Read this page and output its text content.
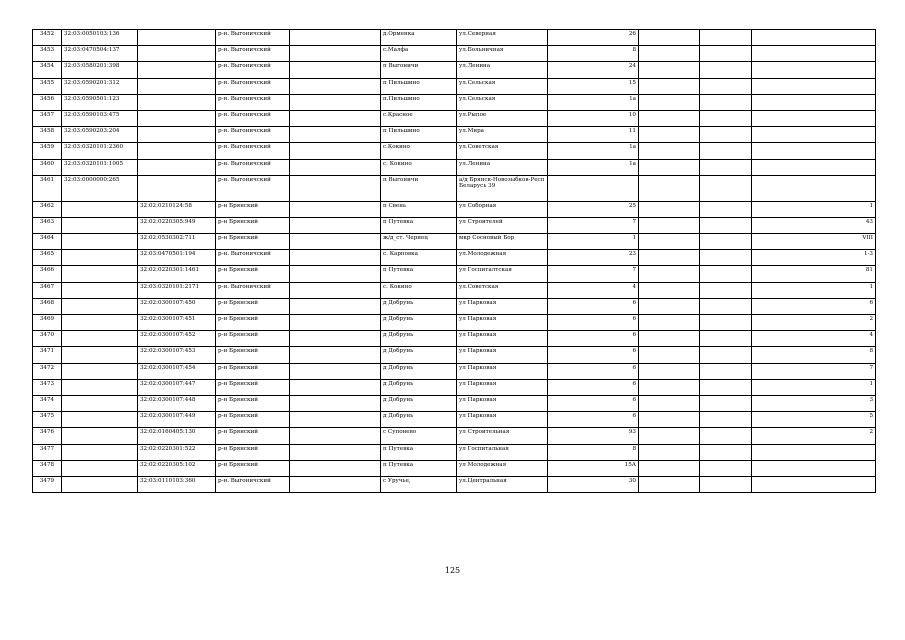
3452	32:03:0050103:136		р-н. Выгоничский		д.Орменка	ул.Северная	26			
3453	32:03:0470504:137		р-н. Выгоничский		с.Малфа	ул.Больничная	8			
3454	32:03:0580201:398		р-н. Выгоничский		п Выгоничи	ул.Ленина	24			
3455	32:03:0590201:312		р-н. Выгоничский		п Пильшино	ул.Сельская	15			
3456	32:03:0590501:123		р-н. Выгоничский		п.Пильшино	ул.Сельская	1а			
3457	32:03:0590103:475		р-н. Выгоничский		с.Красное	ул.Рыпое	10			
3458	32:03:0590203:204		р-н. Выгоничский		п Пильшино	ул.Мира	11			
3459	32:03:0320101:2360		р-н. Выгоничский		с.Кокино	ул.Советская	1а			
3460	32:03:0320101:1005		р-н. Выгоничский		с. Кокино	ул.Ленина	1а			
3461	32:03:0000000:265		р-н. Выгоничский		п Выгоничи	а/д Брянск-Новозыбков-Респ Беларусь 39				
3462		32:02:0210124:58	р-н Брянский		п Свень	ул Соборная	25			1
3463		32:02:0220305:949	р-н Брянский		п Путевка	ул Строителей	7			43
3464		32:02:0530302:711	р-н Брянский		ж/д_ст. Чернец	мкр Сосновый Бор	1			VIII
3465		32:03:0470501:194	р-н. Выгоничский		с. Карповка	ул.Молодежная	23			1-3
3466		32:02:0220301:1461	р-н Брянский		п Путевка	ул Госпиталтская	7			81
3467		32:03:0320101:2171	р-н. Выгоничский		с. Кокино	ул.Советская	4			1
3468		32:02:0300107:450	р-н Брянский		д Добрунь	ул Парковая	6			6
3469		32:02:0300107:451	р-н Брянский		д Добрунь	ул Парковая	6			2
3470		32:02:0300107:452	р-н Брянский		д Добрунь	ул Парковая	6			4
3471		32:02:0300107:453	р-н Брянский		д Добрунь	ул Парковая	6			8
3472		32:02:0300107:454	р-н Брянский		д Добрунь	ул Парковая	6			7
3473		32:02:0300107:447	р-н Брянский		д Добрунь	ул Парковая	6			1
3474		32:02:0300107:448	р-н Брянский		д Добрунь	ул Парковая	6			3
3475		32:02:0300107:449	р-н Брянский		д Добрунь	ул Парковая	6			5
3476		32:02:0160405:130	р-н Брянский		с Супонево	ул Строительная	93			2
3477		32:02:0220301:522	р-н Брянский		п Путевка	ул Госпитальная	8			
3478		32:02:0220305:102	р-н Брянский		п Путевка	ул Молодежная	15А			
3479		32:03:0110103:360	р-н. Выгоничский		с Уручье,	ул.Центральная	30			
125
